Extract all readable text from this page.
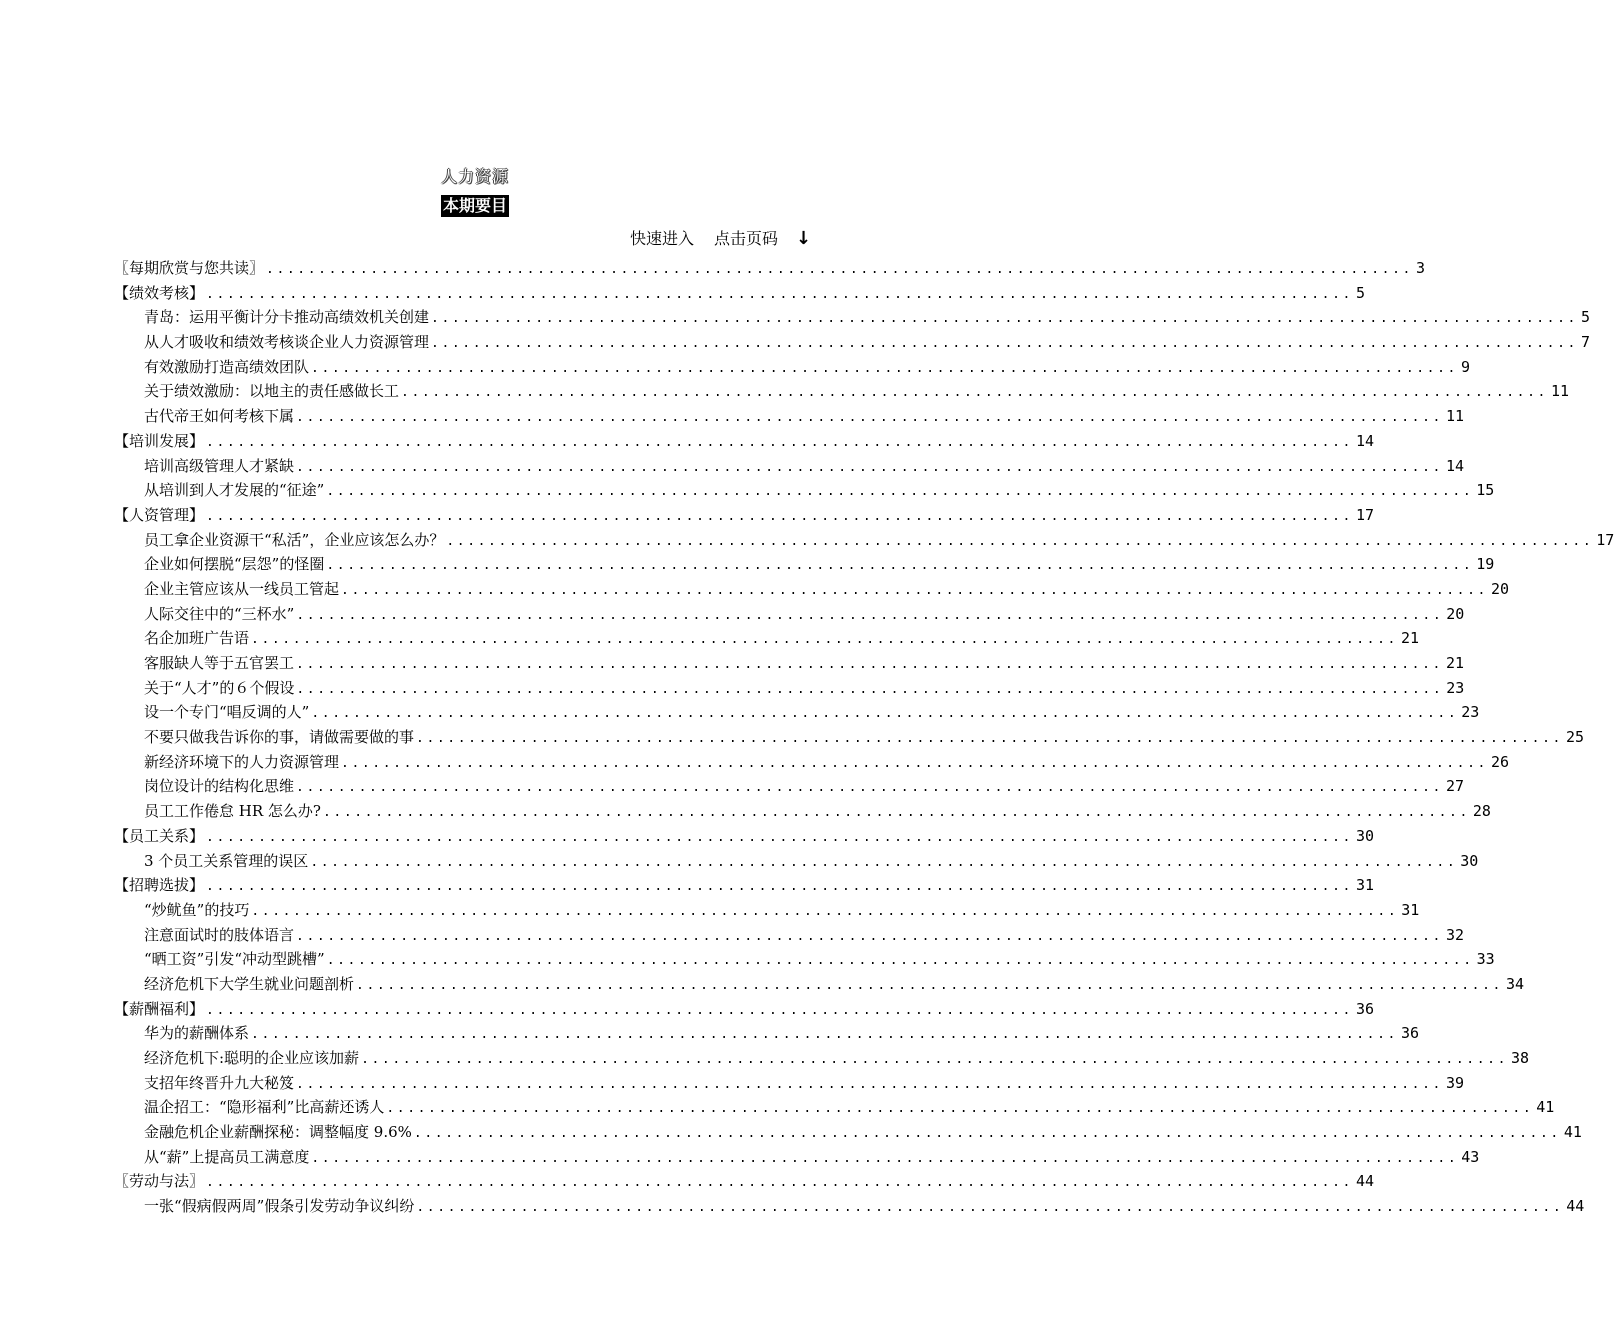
人力资源
本期要目
快速进入 点击页码 ↓
〖每期欣赏与您共读〗 .............................................................................................................. 3
【绩效考核】 .............................................................................................................. 5
青岛：运用平衡计分卡推动高绩效机关创建 .............................................................................................................. 5
从人才吸收和绩效考核谈企业人力资源管理 .............................................................................................................. 7
有效激励打造高绩效团队 .............................................................................................................. 9
关于绩效激励：以地主的责任感做长工 .............................................................................................................. 11
古代帝王如何考核下属 .............................................................................................................. 11
【培训发展】 .............................................................................................................. 14
培训高级管理人才紧缺 .............................................................................................................. 14
从培训到人才发展的“征途” .............................................................................................................. 15
【人资管理】 .............................................................................................................. 17
员工拿企业资源干“私活”，企业应该怎么办？ .............................................................................................................. 17
企业如何摆脱“层怨”的怪圈 .............................................................................................................. 19
企业主管应该从一线员工管起 .............................................................................................................. 20
人际交往中的“三杯水” .............................................................................................................. 20
名企加班广告语 .............................................................................................................. 21
客服缺人等于五官罢工 .............................................................................................................. 21
关于“人才”的６个假设 .............................................................................................................. 23
设一个专门“唱反调的人” .............................................................................................................. 23
不要只做我告诉你的事，请做需要做的事 .............................................................................................................. 25
新经济环境下的人力资源管理 .............................................................................................................. 26
岗位设计的结构化思维 .............................................................................................................. 27
员工工作倦怠 HR 怎么办? .............................................................................................................. 28
【员工关系】 .............................................................................................................. 30
3 个员工关系管理的误区 .............................................................................................................. 30
【招聘选拔】 .............................................................................................................. 31
“炒鱿鱼”的技巧 .............................................................................................................. 31
注意面试时的肢体语言 .............................................................................................................. 32
“晒工资”引发“冲动型跳槽” .............................................................................................................. 33
经济危机下大学生就业问题剖析 .............................................................................................................. 34
【薪酬福利】 .............................................................................................................. 36
华为的薪酬体系 .............................................................................................................. 36
经济危机下:聪明的企业应该加薪 .............................................................................................................. 38
支招年终晋升九大秘笈 .............................................................................................................. 39
温企招工：“隐形福利”比高薪还诱人 .............................................................................................................. 41
金融危机企业薪酬探秘：调整幅度 9.6% .............................................................................................................. 41
从“薪”上提高员工满意度 .............................................................................................................. 43
〖劳动与法〗 .............................................................................................................. 44
一张“假病假两周”假条引发劳动争议纠纷 .............................................................................................................. 44
